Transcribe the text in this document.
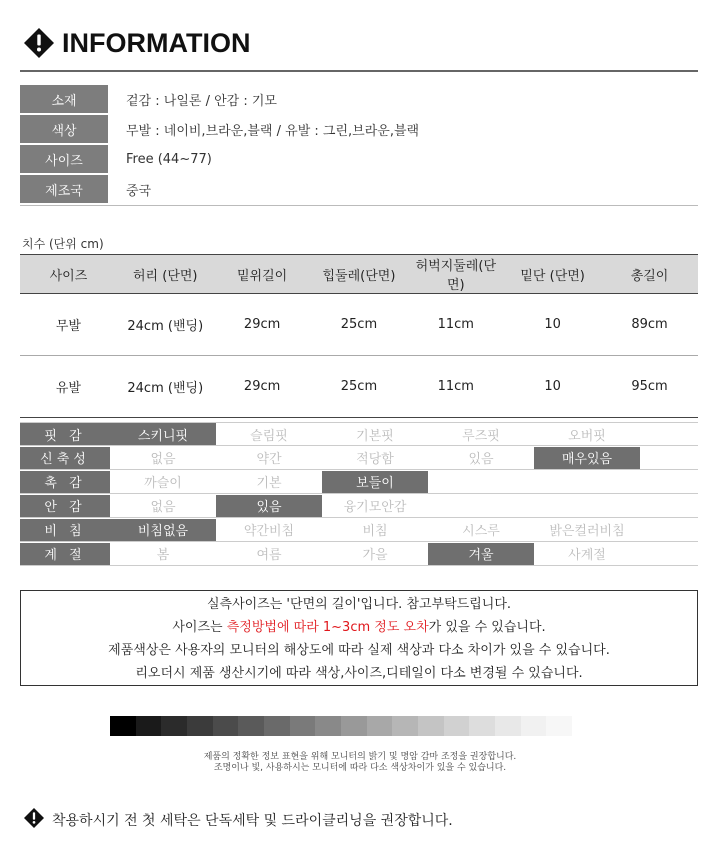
INFORMATION
소재	겉감 : 나일론 / 안감 : 기모
색상	무발 : 네이비,브라운,블랙 / 유발 : 그린,브라운,블랙
사이즈	Free (44~77)
제조국	중국
치수 (단위 cm)
사이즈	허리 (단면)	밑위길이	힙둘레(단면)	허벅지둘레(단면)	밑단 (단면)	총길이
무발	24cm (밴딩)	29cm	25cm	11cm	10	89cm
유발	24cm (밴딩)	29cm	25cm	11cm	10	95cm
핏 감	스키니핏	슬림핏	기본핏	루즈핏	오버핏
신축성	없음	약간	적당함	있음	매우있음
촉 감	까슬이	기본	보들이
안 감	없음	있음	융기모안감
비 침	비침없음	약간비침	비침	시스루	밝은컬러비침
계 절	봄	여름	가을	겨울	사계절

실측사이즈는 '단면의 길이'입니다. 참고부탁드립니다.

사이즈는 측정방법에 따라 1~3cm 정도 오차가 있을 수 있습니다.

제품색상은 사용자의 모니터의 해상도에 따라 실제 색상과 다소 차이가 있을 수 있습니다.

리오더시 제품 생산시기에 따라 색상,사이즈,디테일이 다소 변경될 수 있습니다.

제품의 정확한 정보 표현을 위해 모니터의 밝기 및 명암 감마 조정을 권장합니다.
조명이나 빛, 사용하시는 모니터에 따라 다소 색상차이가 있을 수 있습니다.
착용하시기 전 첫 세탁은 단독세탁 및 드라이클리닝을 권장합니다.
